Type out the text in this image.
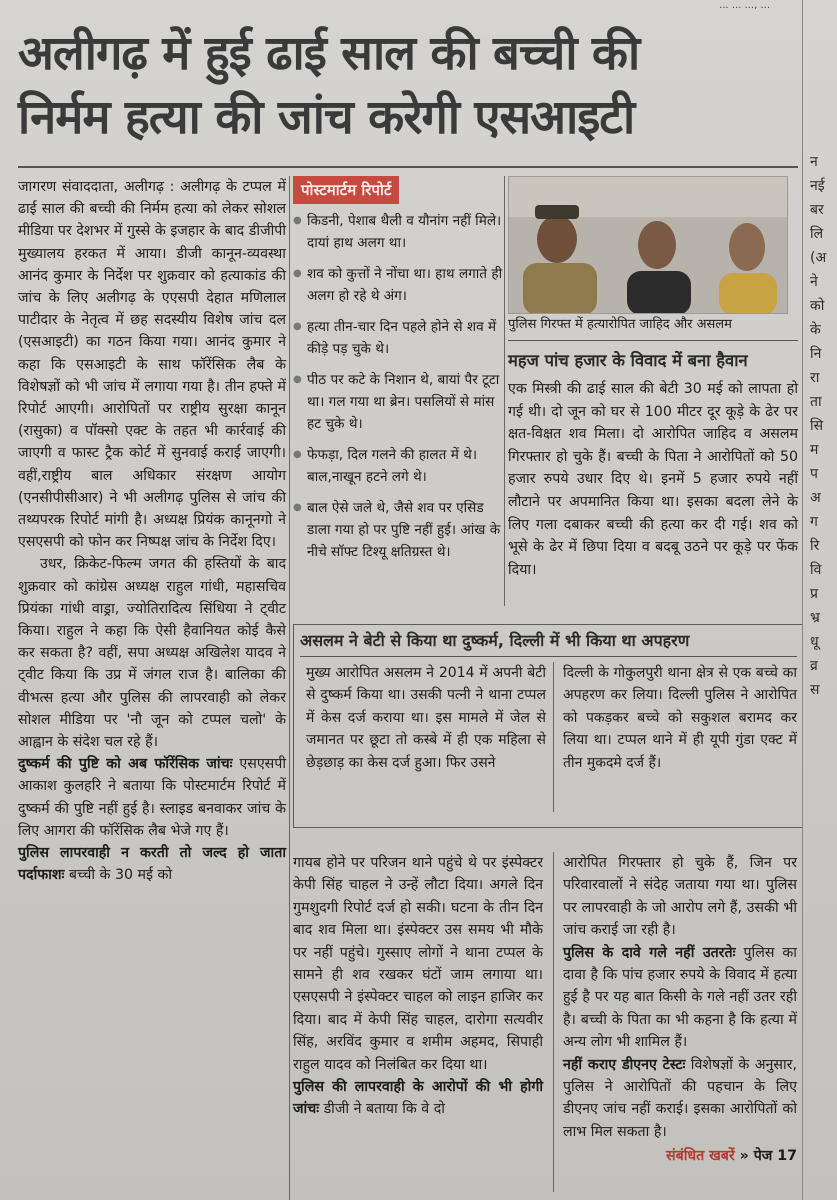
... ... ..., ...
अलीगढ़ में हुई ढाई साल की बच्ची की
निर्मम हत्या की जांच करेगी एसआइटी

जागरण संवाददाता, अलीगढ़ : अलीगढ़ के टप्पल में ढाई साल की बच्ची की निर्मम हत्या को लेकर सोशल मीडिया पर देशभर में गुस्से के इजहार के बाद डीजीपी मुख्यालय हरकत में आया। डीजी कानून-व्यवस्था आनंद कुमार के निर्देश पर शुक्रवार को हत्याकांड की जांच के लिए अलीगढ़ के एएसपी देहात मणिलाल पाटीदार के नेतृत्व में छह सदस्यीय विशेष जांच दल (एसआइटी) का गठन किया गया। आनंद कुमार ने कहा कि एसआइटी के साथ फॉरेंसिक लैब के विशेषज्ञों को भी जांच में लगाया गया है। तीन हफ्ते में रिपोर्ट आएगी। आरोपितों पर राष्ट्रीय सुरक्षा कानून (रासुका) व पॉक्सो एक्ट के तहत भी कार्रवाई की जाएगी व फास्ट ट्रैक कोर्ट में सुनवाई कराई जाएगी। वहीं,राष्ट्रीय बाल अधिकार संरक्षण आयोग (एनसीपीसीआर) ने भी अलीगढ़ पुलिस से जांच की तथ्यपरक रिपोर्ट मांगी है। अध्यक्ष प्रियंक कानूनगो ने एसएसपी को फोन कर निष्पक्ष जांच के निर्देश दिए।

उधर, क्रिकेट-फिल्म जगत की हस्तियों के बाद शुक्रवार को कांग्रेस अध्यक्ष राहुल गांधी, महासचिव प्रियंका गांधी वाड्रा, ज्योतिरादित्य सिंधिया ने ट्वीट किया। राहुल ने कहा कि ऐसी हैवानियत कोई कैसे कर सकता है? वहीं, सपा अध्यक्ष अखिलेश यादव ने ट्वीट किया कि उप्र में जंगल राज है। बालिका की वीभत्स हत्या और पुलिस की लापरवाही को लेकर सोशल मीडिया पर 'नौ जून को टप्पल चलो' के आह्वान के संदेश चल रहे हैं।

दुष्कर्म की पुष्टि को अब फॉरेंसिक जांचः एसएसपी आकाश कुलहरि ने बताया कि पोस्टमार्टम रिपोर्ट में दुष्कर्म की पुष्टि नहीं हुई है। स्लाइड बनवाकर जांच के लिए आगरा की फॉरेंसिक लैब भेजे गए हैं।

पुलिस लापरवाही न करती तो जल्द हो जाता पर्दाफाशः बच्ची के 30 मई को

पोस्टमार्टम रिपोर्ट
● किडनी, पेशाब थैली व यौनांग नहीं मिले। दायां हाथ अलग था।
● शव को कुत्तों ने नोंचा था। हाथ लगाते ही अलग हो रहे थे अंग।
● हत्या तीन-चार दिन पहले होने से शव में कीड़े पड़ चुके थे।
● पीठ पर कटे के निशान थे, बायां पैर टूटा था। गल गया था ब्रेन। पसलियों से मांस हट चुके थे।
● फेफड़ा, दिल गलने की हालत में थे। बाल,नाखून हटने लगे थे।
● बाल ऐसे जले थे, जैसे शव पर एसिड डाला गया हो पर पुष्टि नहीं हुई। आंख के नीचे सॉफ्ट टिश्यू क्षतिग्रस्त थे।
पुलिस गिरफ्त में हत्यारोपित जाहिद और असलम
महज पांच हजार के विवाद में बना हैवान
एक मिस्त्री की ढाई साल की बेटी 30 मई को लापता हो गई थी। दो जून को घर से 100 मीटर दूर कूड़े के ढेर पर क्षत-विक्षत शव मिला। दो आरोपित जाहिद व असलम गिरफ्तार हो चुके हैं। बच्ची के पिता ने आरोपितों को 50 हजार रुपये उधार दिए थे। इनमें 5 हजार रुपये नहीं लौटाने पर अपमानित किया था। इसका बदला लेने के लिए गला दबाकर बच्ची की हत्या कर दी गई। शव को भूसे के ढेर में छिपा दिया व बदबू उठने पर कूड़े पर फेंक दिया।
असलम ने बेटी से किया था दुष्कर्म, दिल्ली में भी किया था अपहरण
मुख्य आरोपित असलम ने 2014 में अपनी बेटी से दुष्कर्म किया था। उसकी पत्नी ने थाना टप्पल में केस दर्ज कराया था। इस मामले में जेल से जमानत पर छूटा तो कस्बे में ही एक महिला से छेड़छाड़ का केस दर्ज हुआ। फिर उसने
दिल्ली के गोकुलपुरी थाना क्षेत्र से एक बच्चे का अपहरण कर लिया। दिल्ली पुलिस ने आरोपित को पकड़कर बच्चे को सकुशल बरामद कर लिया था। टप्पल थाने में ही यूपी गुंडा एक्ट में तीन मुकदमे दर्ज हैं।
गायब होने पर परिजन थाने पहुंचे थे पर इंस्पेक्टर केपी सिंह चाहल ने उन्हें लौटा दिया। अगले दिन गुमशुदगी रिपोर्ट दर्ज हो सकी। घटना के तीन दिन बाद शव मिला था। इंस्पेक्टर उस समय भी मौके पर नहीं पहुंचे। गुस्साए लोगों ने थाना टप्पल के सामने ही शव रखकर घंटों जाम लगाया था। एसएसपी ने इंस्पेक्टर चाहल को लाइन हाजिर कर दिया। बाद में केपी सिंह चाहल, दारोगा सत्यवीर सिंह, अरविंद कुमार व शमीम अहमद, सिपाही राहुल यादव को निलंबित कर दिया था।
पुलिस की लापरवाही के आरोपों की भी होगी जांचः डीजी ने बताया कि वे दो
आरोपित गिरफ्तार हो चुके हैं, जिन पर परिवारवालों ने संदेह जताया गया था। पुलिस पर लापरवाही के जो आरोप लगे हैं, उसकी भी जांच कराई जा रही है।
पुलिस के दावे गले नहीं उतरतेः पुलिस का दावा है कि पांच हजार रुपये के विवाद में हत्या हुई है पर यह बात किसी के गले नहीं उतर रही है। बच्ची के पिता का भी कहना है कि हत्या में अन्य लोग भी शामिल हैं।
नहीं कराए डीएनए टेस्टः विशेषज्ञों के अनुसार, पुलिस ने आरोपितों की पहचान के लिए डीएनए जांच नहीं कराई। इसका आरोपितों को लाभ मिल सकता है।

संबंधित खबरें » पेज 17
न
नई
बर
लि
(अ
ने
को
के
नि
रा
ता
सि
म
प
अ
ग
रि
वि
प्र
भ्र
धू
व्र
स
